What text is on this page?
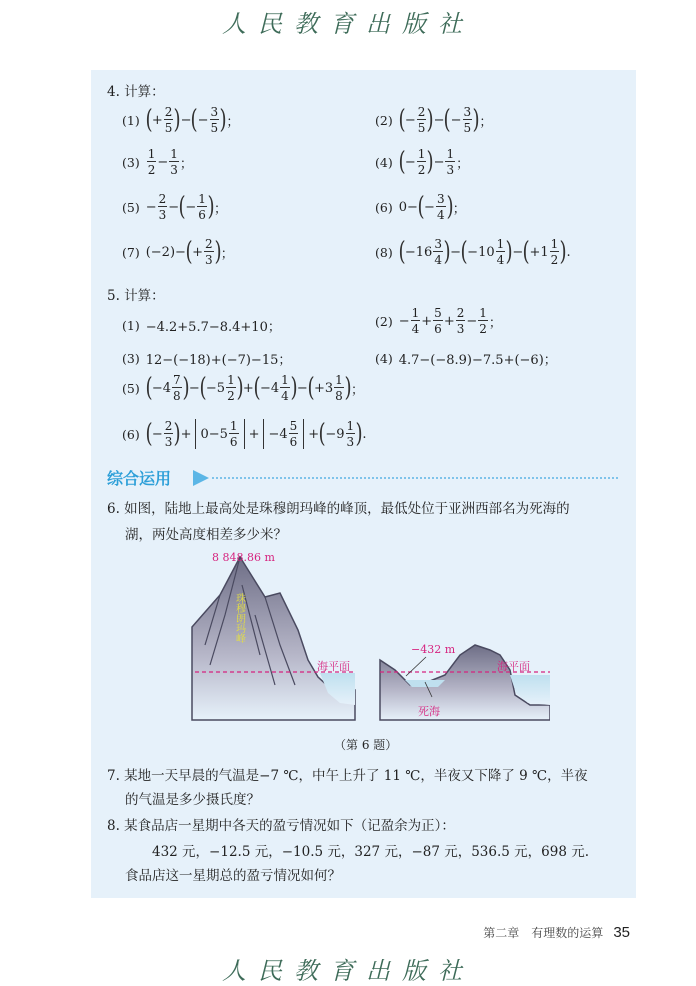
人民教育出版社
4. 计算：
(1) ( + $\frac{2}{5}$ ) − ( − $\frac{3}{5}$ ) ；	(2) ( − $\frac{2}{5}$ ) − ( − $\frac{3}{5}$ ) ；
$(3) \frac{1}{2} - \frac{1}{3}$ ；	(4) ( − $\frac{1}{2}$ ) − $\frac{1}{3}$ ；
$(5) - \frac{2}{3}$ − ( − $\frac{1}{6}$ ) ；	(6) 0− ( − $\frac{3}{4}$ ) ；
(7) (−2)− ( + $\frac{2}{3}$ ) ；	(8) ( $-16 \frac{3}{4}$ ) − ( $-10 \frac{1}{4}$ ) − ( $+1 \frac{1}{2}$ ) .
5. 计算：
(1) −4.2+5.7−8.4+10；	$(2) - \frac{1}{4} + \frac{5}{6} + \frac{2}{3} - \frac{1}{2}$ ；
(3) 12−(−18)+(−7)−15；	(4) 4.7−(−8.9)−7.5+(−6)；
(5) ( $-4 \frac{7}{8}$ ) − ( $-5 \frac{1}{2}$ ) + ( $-4 \frac{1}{4}$ ) − ( $+3 \frac{1}{8}$ ) ；
(6) ( − $\frac{2}{3}$ ) + $0-5 \frac{1}{6} + -4 \frac{5}{6}$ + ( $-9 \frac{1}{3}$ ) .
综合运用
6. 如图，陆地上最高处是珠穆朗玛峰的峰顶，最低处位于亚洲西部名为死海的
湖，两处高度相差多少米？
8 848.86 m
海平面	海平面
−432 m
死海
珠穆朗玛峰
（第 6 题）
7. 某地一天早晨的气温是−7 ℃，中午上升了 11 ℃，半夜又下降了 9 ℃，半夜
的气温是多少摄氏度？
8. 某食品店一星期中各天的盈亏情况如下（记盈余为正）：
432 元，−12.5 元，−10.5 元，327 元，−87 元，536.5 元，698 元.
食品店这一星期总的盈亏情况如何？
第二章　有理数的运算 35
人民教育出版社
